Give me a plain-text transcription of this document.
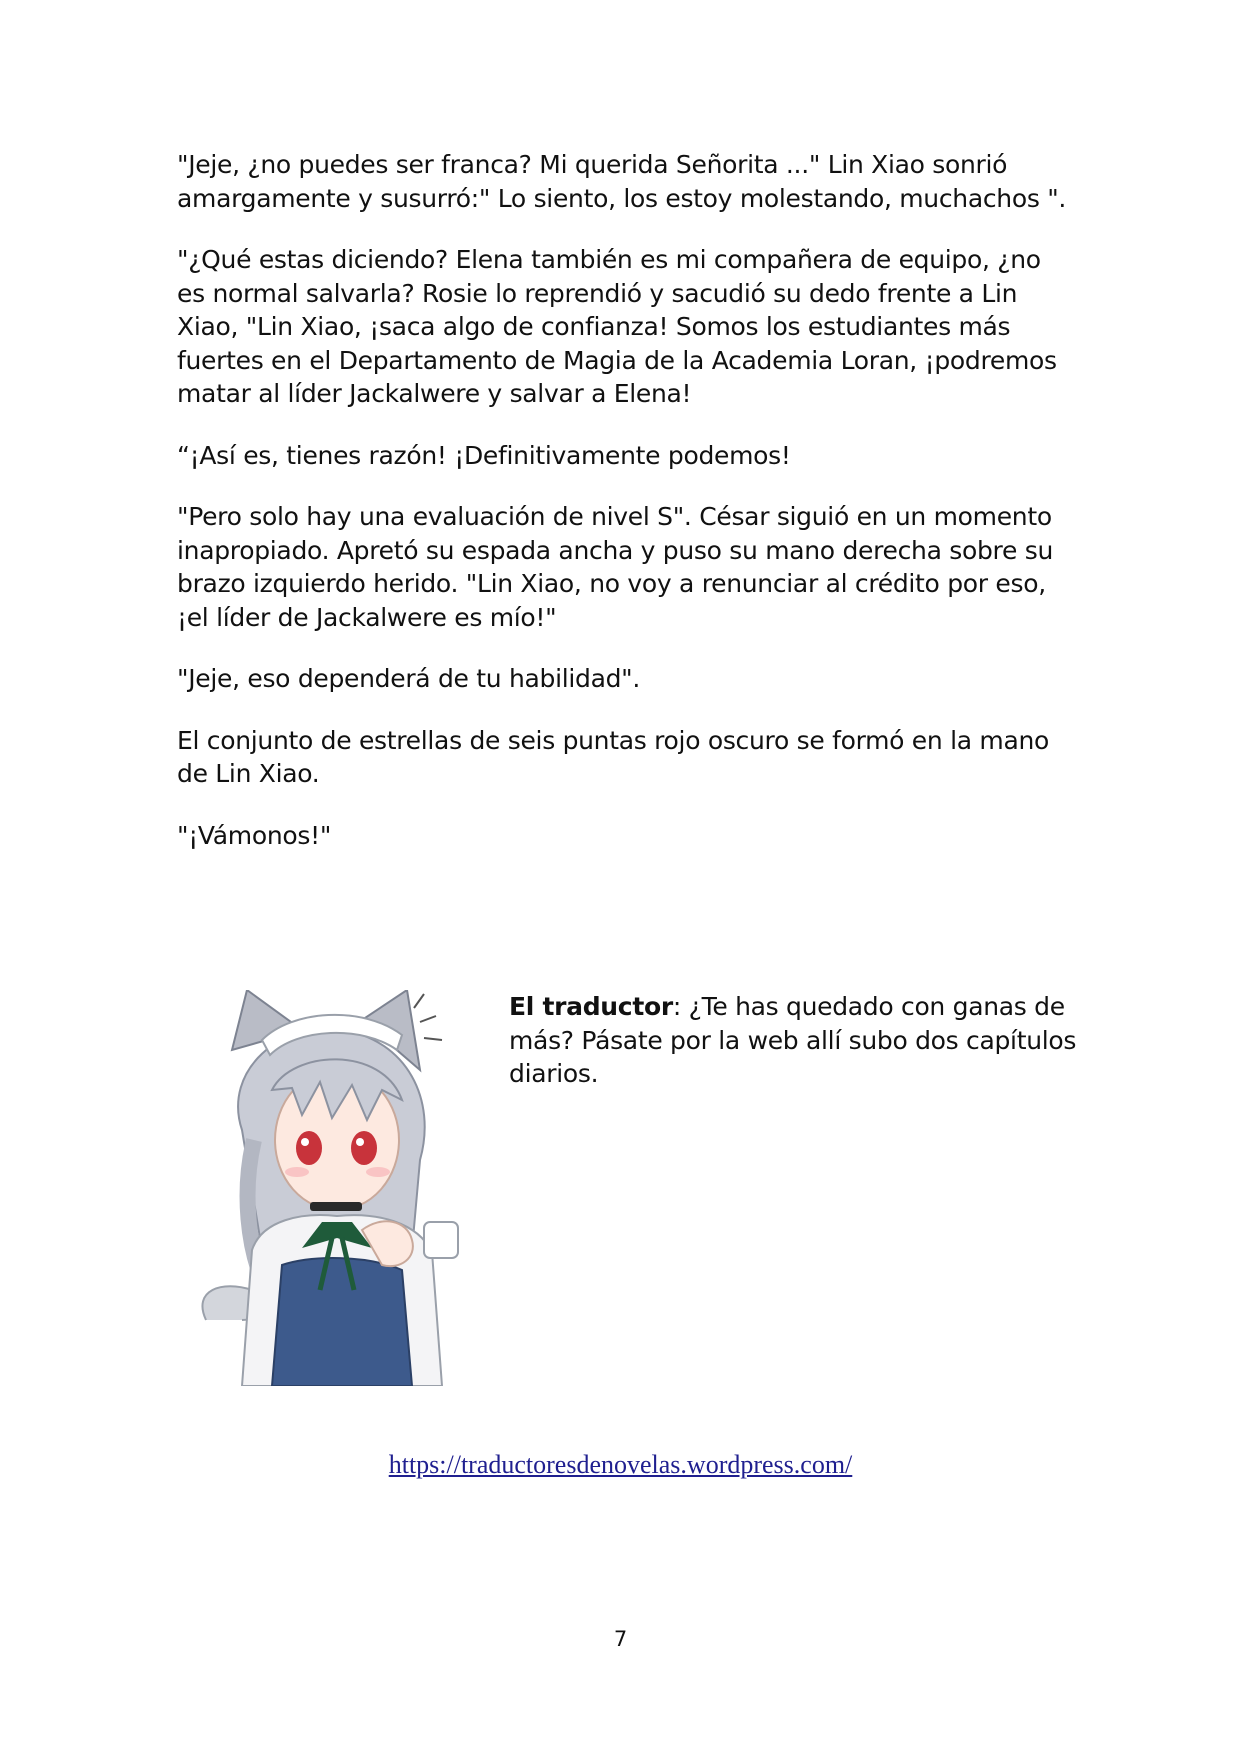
"Jeje, ¿no puedes ser franca? Mi querida Señorita ..." Lin Xiao sonrió amargamente y susurró:" Lo siento, los estoy molestando, muchachos ".

"¿Qué estas diciendo? Elena también es mi compañera de equipo, ¿no es normal salvarla? Rosie lo reprendió y sacudió su dedo frente a Lin Xiao, "Lin Xiao, ¡saca algo de confianza! Somos los estudiantes más fuertes en el Departamento de Magia de la Academia Loran, ¡podremos matar al líder Jackalwere y salvar a Elena!

“¡Así es, tienes razón! ¡Definitivamente podemos!

"Pero solo hay una evaluación de nivel S". César siguió en un momento inapropiado. Apretó su espada ancha y puso su mano derecha sobre su brazo izquierdo herido. "Lin Xiao, no voy a renunciar al crédito por eso, ¡el líder de Jackalwere es mío!"

"Jeje, eso dependerá de tu habilidad".

El conjunto de estrellas de seis puntas rojo oscuro se formó en la mano de Lin Xiao.

"¡Vámonos!"

El traductor: ¿Te has quedado con ganas de más? Pásate por la web allí subo dos capítulos diarios.
https://traductoresdenovelas.wordpress.com/
7
